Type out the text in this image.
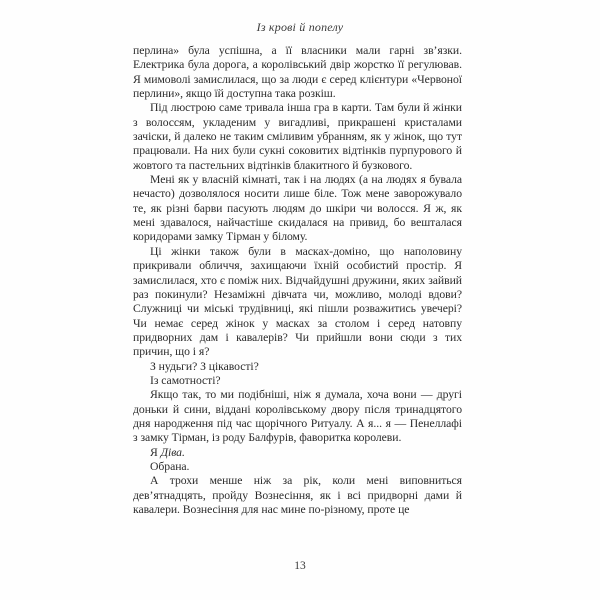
Із крові й попелу

перлина» була успішна, а її власники мали гарні зв’язки. Електрика була дорога, а королівський двір жорстко її регулював. Я мимоволі замислилася, що за люди є серед клієнтури «Червоної перлини», якщо їй доступна така розкіш.

Під люстрою саме тривала інша гра в карти. Там були й жінки з волоссям, укладеним у вигадливі, прикрашені кристалами зачіски, й далеко не таким сміливим убранням, як у жінок, що тут працювали. На них були сукні соковитих відтінків пурпурового й жовтого та пастельних відтінків блакитного й бузкового.

Мені як у власній кімнаті, так і на людях (а на людях я бувала нечасто) дозволялося носити лише біле. Тож мене заворожувало те, як різні барви пасують людям до шкіри чи волосся. Я ж, як мені здавалося, найчастіше скидалася на привид, бо вешталася коридорами замку Тірман у білому.

Ці жінки також були в масках-доміно, що наполовину прикривали обличчя, захищаючи їхній особистий простір. Я замислилася, хто є поміж них. Відчайдушні дружини, яких зайвий раз покинули? Незаміжні дівчата чи, можливо, молоді вдови? Служниці чи міські трудівниці, які пішли розважитись увечері? Чи немає серед жінок у масках за столом і серед натовпу придворних дам і кавалерів? Чи прийшли вони сюди з тих причин, що і я?

З нудьги? З цікавості?

Із самотності?

Якщо так, то ми подібніші, ніж я думала, хоча вони — другі доньки й сини, віддані королівському двору після тринадцятого дня народження під час щорічного Ритуалу. А я... я — Пенеллафі з замку Тірман, із роду Балфурів, фаворитка королеви.

Я Діва.

Обрана.

А трохи менше ніж за рік, коли мені виповниться дев’ятнадцять, пройду Вознесіння, як і всі придворні дами й кавалери. Вознесіння для нас мине по-різному, проте це

13
